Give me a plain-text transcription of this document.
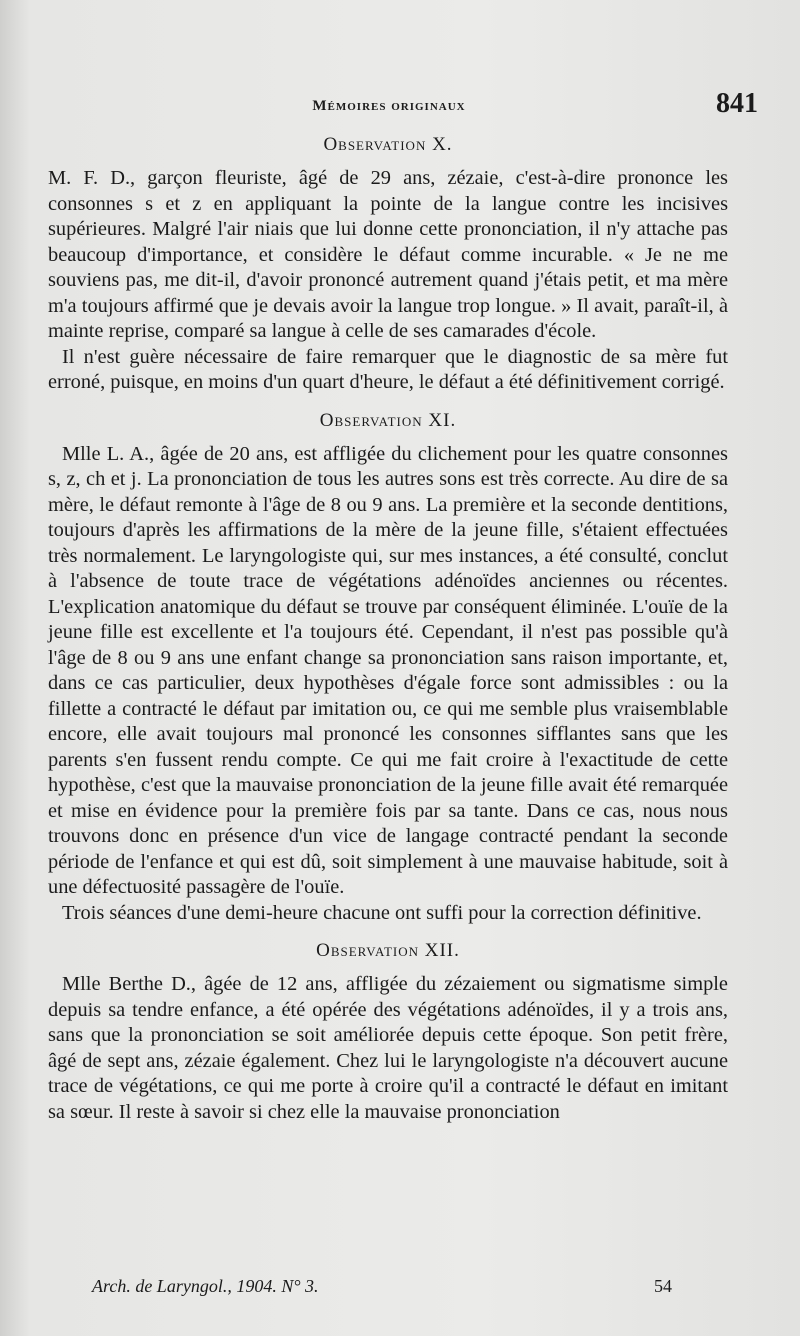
Mémoires originaux	841
Observation X.

M. F. D., garçon fleuriste, âgé de 29 ans, zézaie, c'est-à-dire prononce les consonnes s et z en appliquant la pointe de la langue contre les incisives supérieures. Malgré l'air niais que lui donne cette prononciation, il n'y attache pas beaucoup d'importance, et considère le défaut comme incurable. « Je ne me souviens pas, me dit-il, d'avoir prononcé autrement quand j'étais petit, et ma mère m'a toujours affirmé que je devais avoir la langue trop longue. » Il avait, paraît-il, à mainte reprise, comparé sa langue à celle de ses camarades d'école.

Il n'est guère nécessaire de faire remarquer que le diagnostic de sa mère fut erroné, puisque, en moins d'un quart d'heure, le défaut a été définitivement corrigé.

Observation XI.

Mlle L. A., âgée de 20 ans, est affligée du clichement pour les quatre consonnes s, z, ch et j. La prononciation de tous les autres sons est très correcte. Au dire de sa mère, le défaut remonte à l'âge de 8 ou 9 ans. La première et la seconde dentitions, toujours d'après les affirmations de la mère de la jeune fille, s'étaient effectuées très normalement. Le laryngologiste qui, sur mes instances, a été consulté, conclut à l'absence de toute trace de végétations adénoïdes anciennes ou récentes. L'explication anatomique du défaut se trouve par conséquent éliminée. L'ouïe de la jeune fille est excellente et l'a toujours été. Cependant, il n'est pas possible qu'à l'âge de 8 ou 9 ans une enfant change sa prononciation sans raison importante, et, dans ce cas particulier, deux hypothèses d'égale force sont admissibles : ou la fillette a contracté le défaut par imitation ou, ce qui me semble plus vraisemblable encore, elle avait toujours mal prononcé les consonnes sifflantes sans que les parents s'en fussent rendu compte. Ce qui me fait croire à l'exactitude de cette hypothèse, c'est que la mauvaise prononciation de la jeune fille avait été remarquée et mise en évidence pour la première fois par sa tante. Dans ce cas, nous nous trouvons donc en présence d'un vice de langage contracté pendant la seconde période de l'enfance et qui est dû, soit simplement à une mauvaise habitude, soit à une défectuosité passagère de l'ouïe.

Trois séances d'une demi-heure chacune ont suffi pour la correction définitive.

Observation XII.

Mlle Berthe D., âgée de 12 ans, affligée du zézaiement ou sigmatisme simple depuis sa tendre enfance, a été opérée des végétations adénoïdes, il y a trois ans, sans que la prononciation se soit améliorée depuis cette époque. Son petit frère, âgé de sept ans, zézaie également. Chez lui le laryngologiste n'a découvert aucune trace de végétations, ce qui me porte à croire qu'il a contracté le défaut en imitant sa sœur. Il reste à savoir si chez elle la mauvaise prononciation

Arch. de Laryngol., 1904. N° 3.	54
